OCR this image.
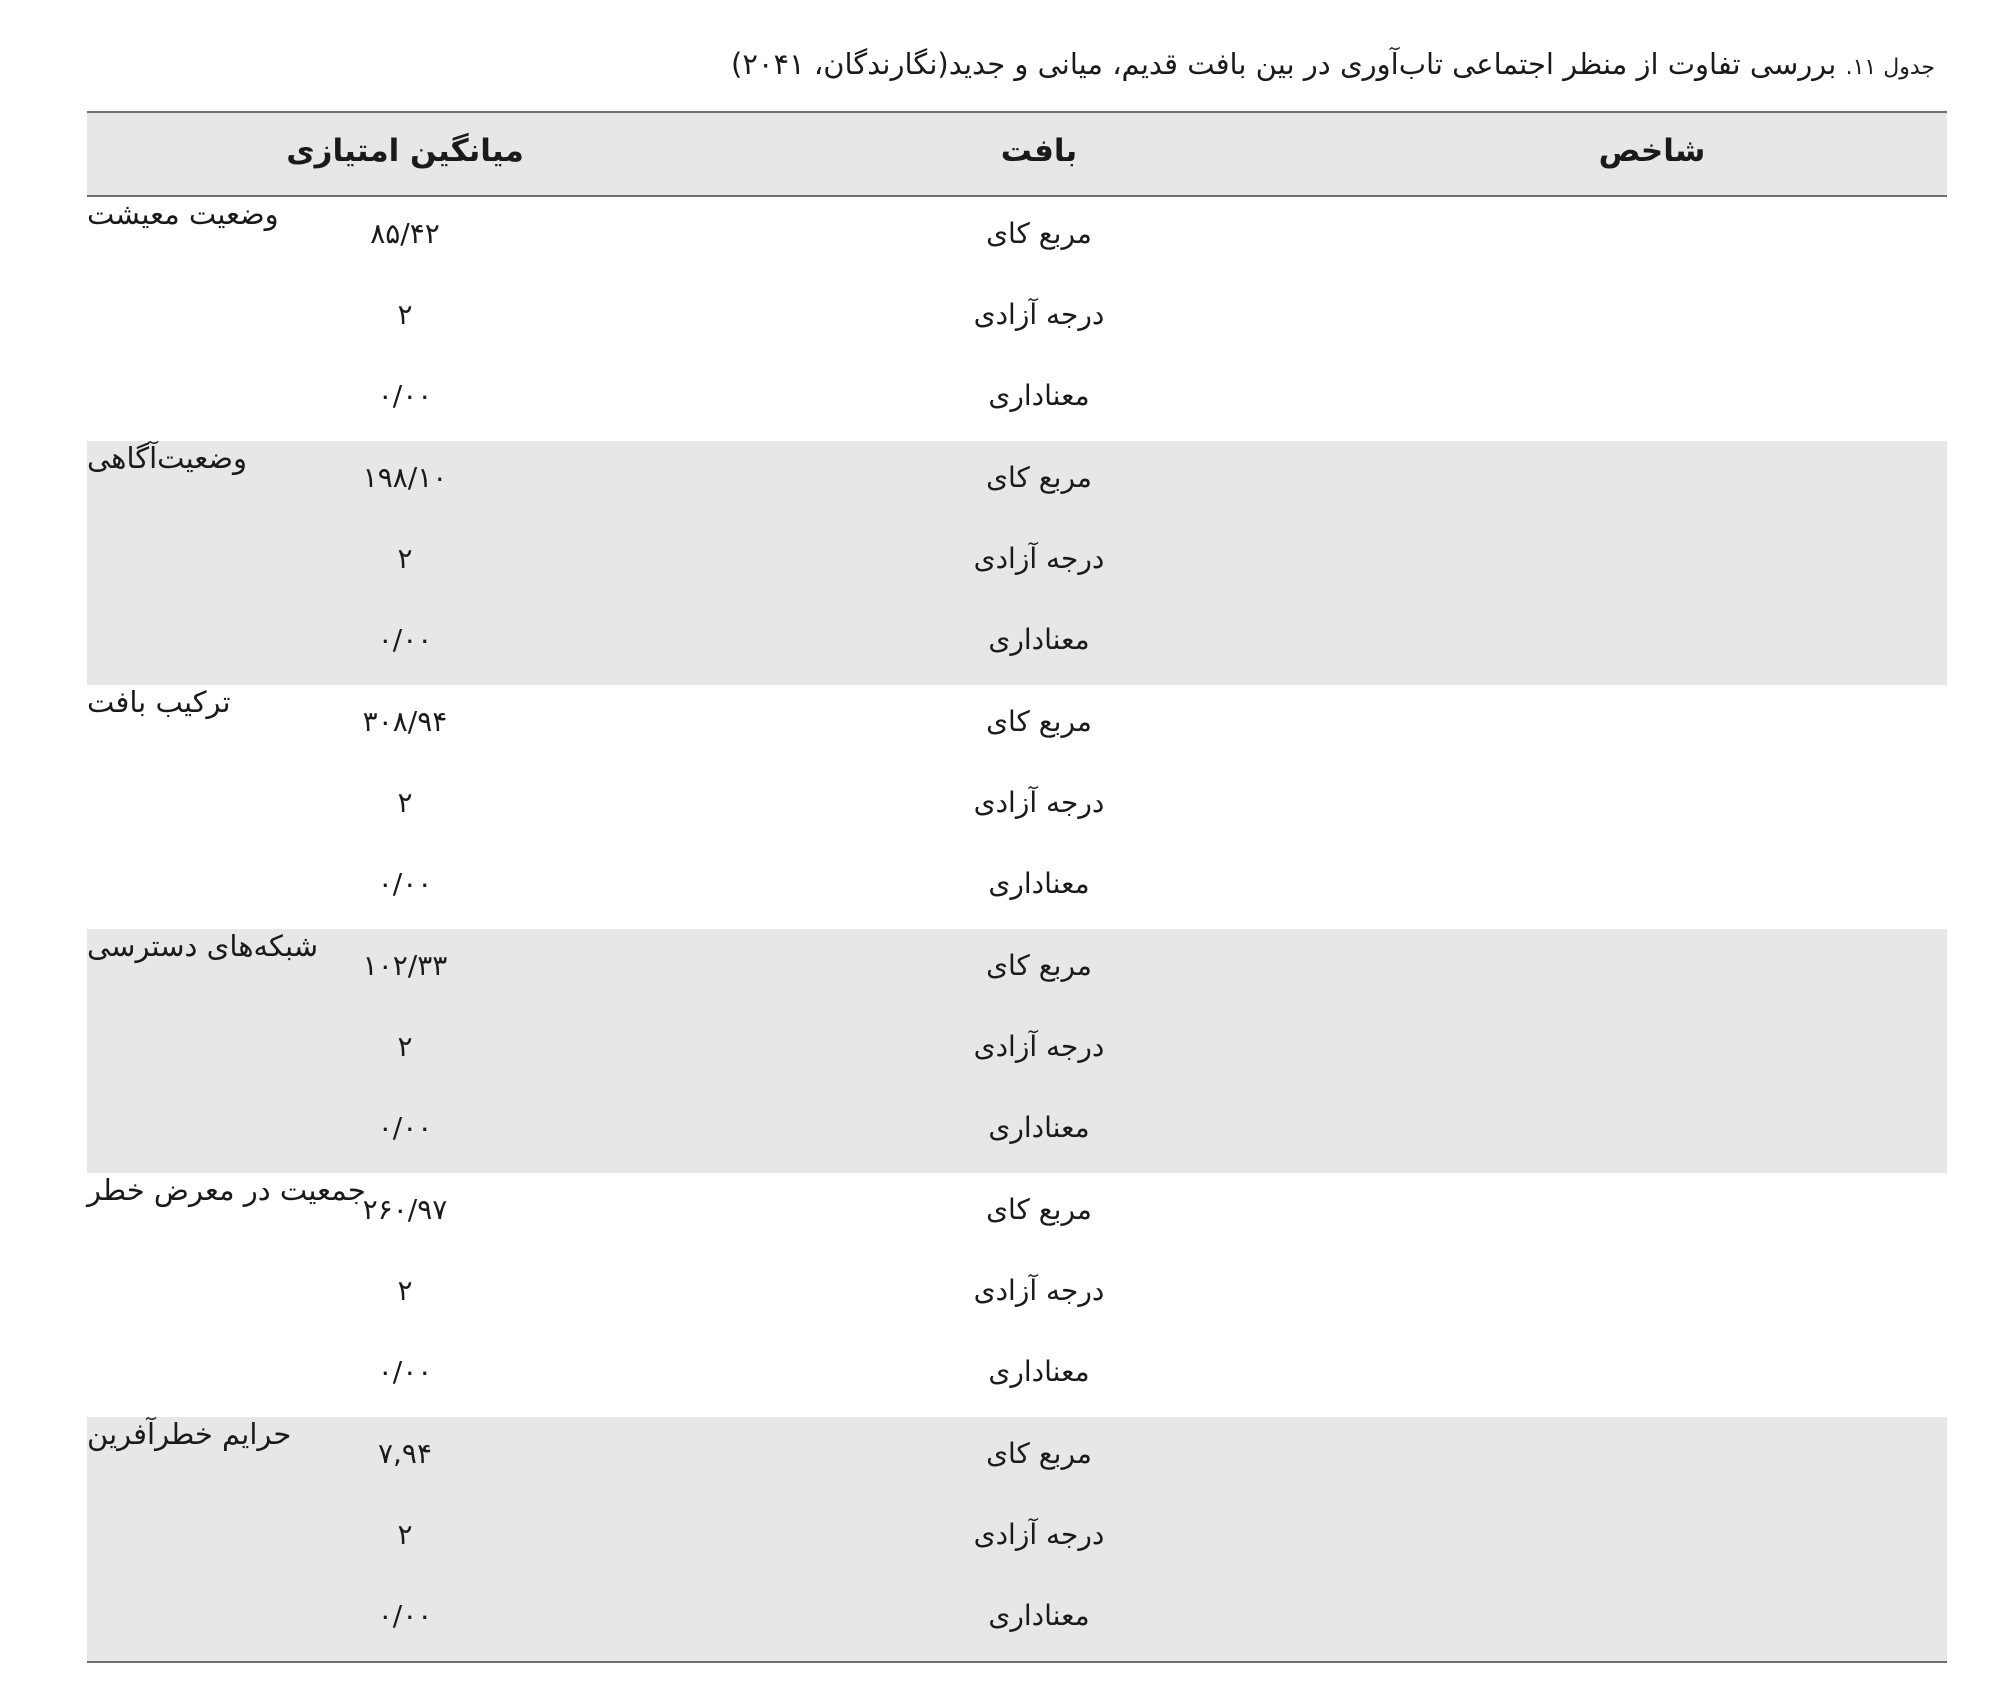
جدول ۱۱. بررسی تفاوت از منظر اجتماعی تاب‌آوری در بین بافت قدیم، میانی و جدید(نگارندگان، ۲۰۴۱)
شاخص
بافت
میانگین امتیازی
وضعیت معیشت
مربع کای
۸۵/۴۲
درجه آزادی
۲
معناداری
۰/۰۰
وضعیت‌آگاهی
مربع کای
۱۹۸/۱۰
درجه آزادی
۲
معناداری
۰/۰۰
ترکیب بافت
مربع کای
۳۰۸/۹۴
درجه آزادی
۲
معناداری
۰/۰۰
شبکه‌های دسترسی
مربع کای
۱۰۲/۳۳
درجه آزادی
۲
معناداری
۰/۰۰
جمعیت در معرض خطر
مربع کای
۲۶۰/۹۷
درجه آزادی
۲
معناداری
۰/۰۰
حرایم خطرآفرین
مربع کای
۷,۹۴
درجه آزادی
۲
معناداری
۰/۰۰
